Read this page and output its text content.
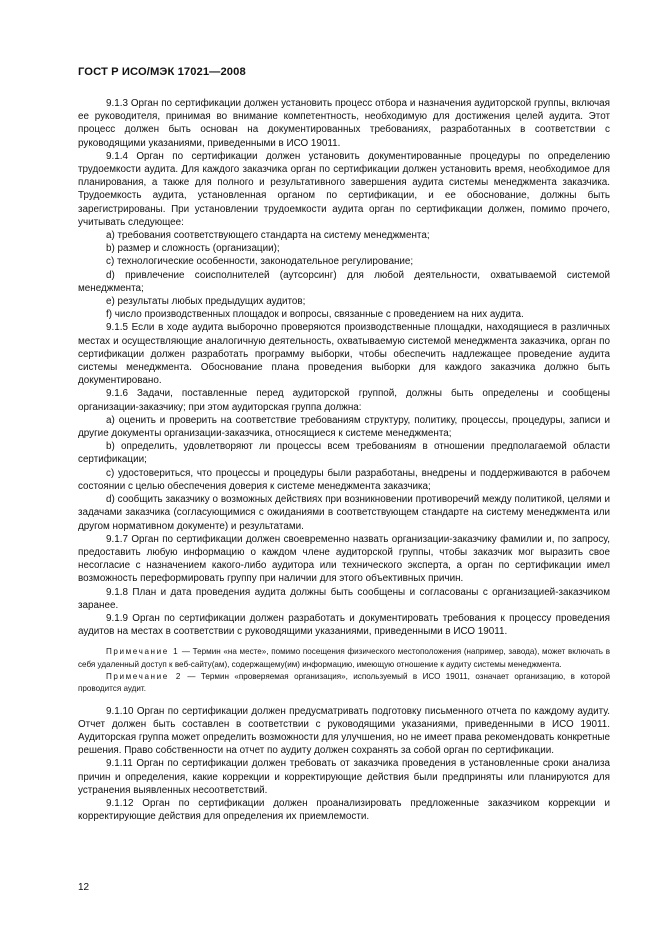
ГОСТ Р ИСО/МЭК 17021—2008

9.1.3 Орган по сертификации должен установить процесс отбора и назначения аудиторской группы, включая ее руководителя, принимая во внимание компетентность, необходимую для достижения целей аудита. Этот процесс должен быть основан на документированных требованиях, разработанных в соответствии с руководящими указаниями, приведенными в ИСО 19011.

9.1.4 Орган по сертификации должен установить документированные процедуры по определению трудоемкости аудита. Для каждого заказчика орган по сертификации должен установить время, необходимое для планирования, а также для полного и результативного завершения аудита системы менеджмента заказчика. Трудоемкость аудита, установленная органом по сертификации, и ее обоснование, должны быть зарегистрированы. При установлении трудоемкости аудита орган по сертификации должен, помимо прочего, учитывать следующее:

а) требования соответствующего стандарта на систему менеджмента;

b) размер и сложность (организации);

с) технологические особенности, законодательное регулирование;

d) привлечение соисполнителей (аутсорсинг) для любой деятельности, охватываемой системой менеджмента;

е) результаты любых предыдущих аудитов;

f) число производственных площадок и вопросы, связанные с проведением на них аудита.

9.1.5 Если в ходе аудита выборочно проверяются производственные площадки, находящиеся в различных местах и осуществляющие аналогичную деятельность, охватываемую системой менеджмента заказчика, орган по сертификации должен разработать программу выборки, чтобы обеспечить надлежащее проведение аудита системы менеджмента. Обоснование плана проведения выборки для каждого заказчика должно быть документировано.

9.1.6 Задачи, поставленные перед аудиторской группой, должны быть определены и сообщены организации-заказчику; при этом аудиторская группа должна:

а) оценить и проверить на соответствие требованиям структуру, политику, процессы, процедуры, записи и другие документы организации-заказчика, относящиеся к системе менеджмента;

b) определить, удовлетворяют ли процессы всем требованиям в отношении предполагаемой области сертификации;

с) удостовериться, что процессы и процедуры были разработаны, внедрены и поддерживаются в рабочем состоянии с целью обеспечения доверия к системе менеджмента заказчика;

d) сообщить заказчику о возможных действиях при возникновении противоречий между политикой, целями и задачами заказчика (согласующимися с ожиданиями в соответствующем стандарте на систему менеджмента или другом нормативном документе) и результатами.

9.1.7 Орган по сертификации должен своевременно назвать организации-заказчику фамилии и, по запросу, предоставить любую информацию о каждом члене аудиторской группы, чтобы заказчик мог выразить свое несогласие с назначением какого-либо аудитора или технического эксперта, а орган по сертификации имел возможность переформировать группу при наличии для этого объективных причин.

9.1.8 План и дата проведения аудита должны быть сообщены и согласованы с организацией-заказчиком заранее.

9.1.9 Орган по сертификации должен разработать и документировать требования к процессу проведения аудитов на местах в соответствии с руководящими указаниями, приведенными в ИСО 19011.

Примечание 1 — Термин «на месте», помимо посещения физического местоположения (например, завода), может включать в себя удаленный доступ к веб-сайту(ам), содержащему(им) информацию, имеющую отношение к аудиту системы менеджмента.

Примечание 2 — Термин «проверяемая организация», используемый в ИСО 19011, означает организацию, в которой проводится аудит.

9.1.10 Орган по сертификации должен предусматривать подготовку письменного отчета по каждому аудиту. Отчет должен быть составлен в соответствии с руководящими указаниями, приведенными в ИСО 19011. Аудиторская группа может определить возможности для улучшения, но не имеет права рекомендовать конкретные решения. Право собственности на отчет по аудиту должен сохранять за собой орган по сертификации.

9.1.11 Орган по сертификации должен требовать от заказчика проведения в установленные сроки анализа причин и определения, какие коррекции и корректирующие действия были предприняты или планируются для устранения выявленных несоответствий.

9.1.12 Орган по сертификации должен проанализировать предложенные заказчиком коррекции и корректирующие действия для определения их приемлемости.

12
